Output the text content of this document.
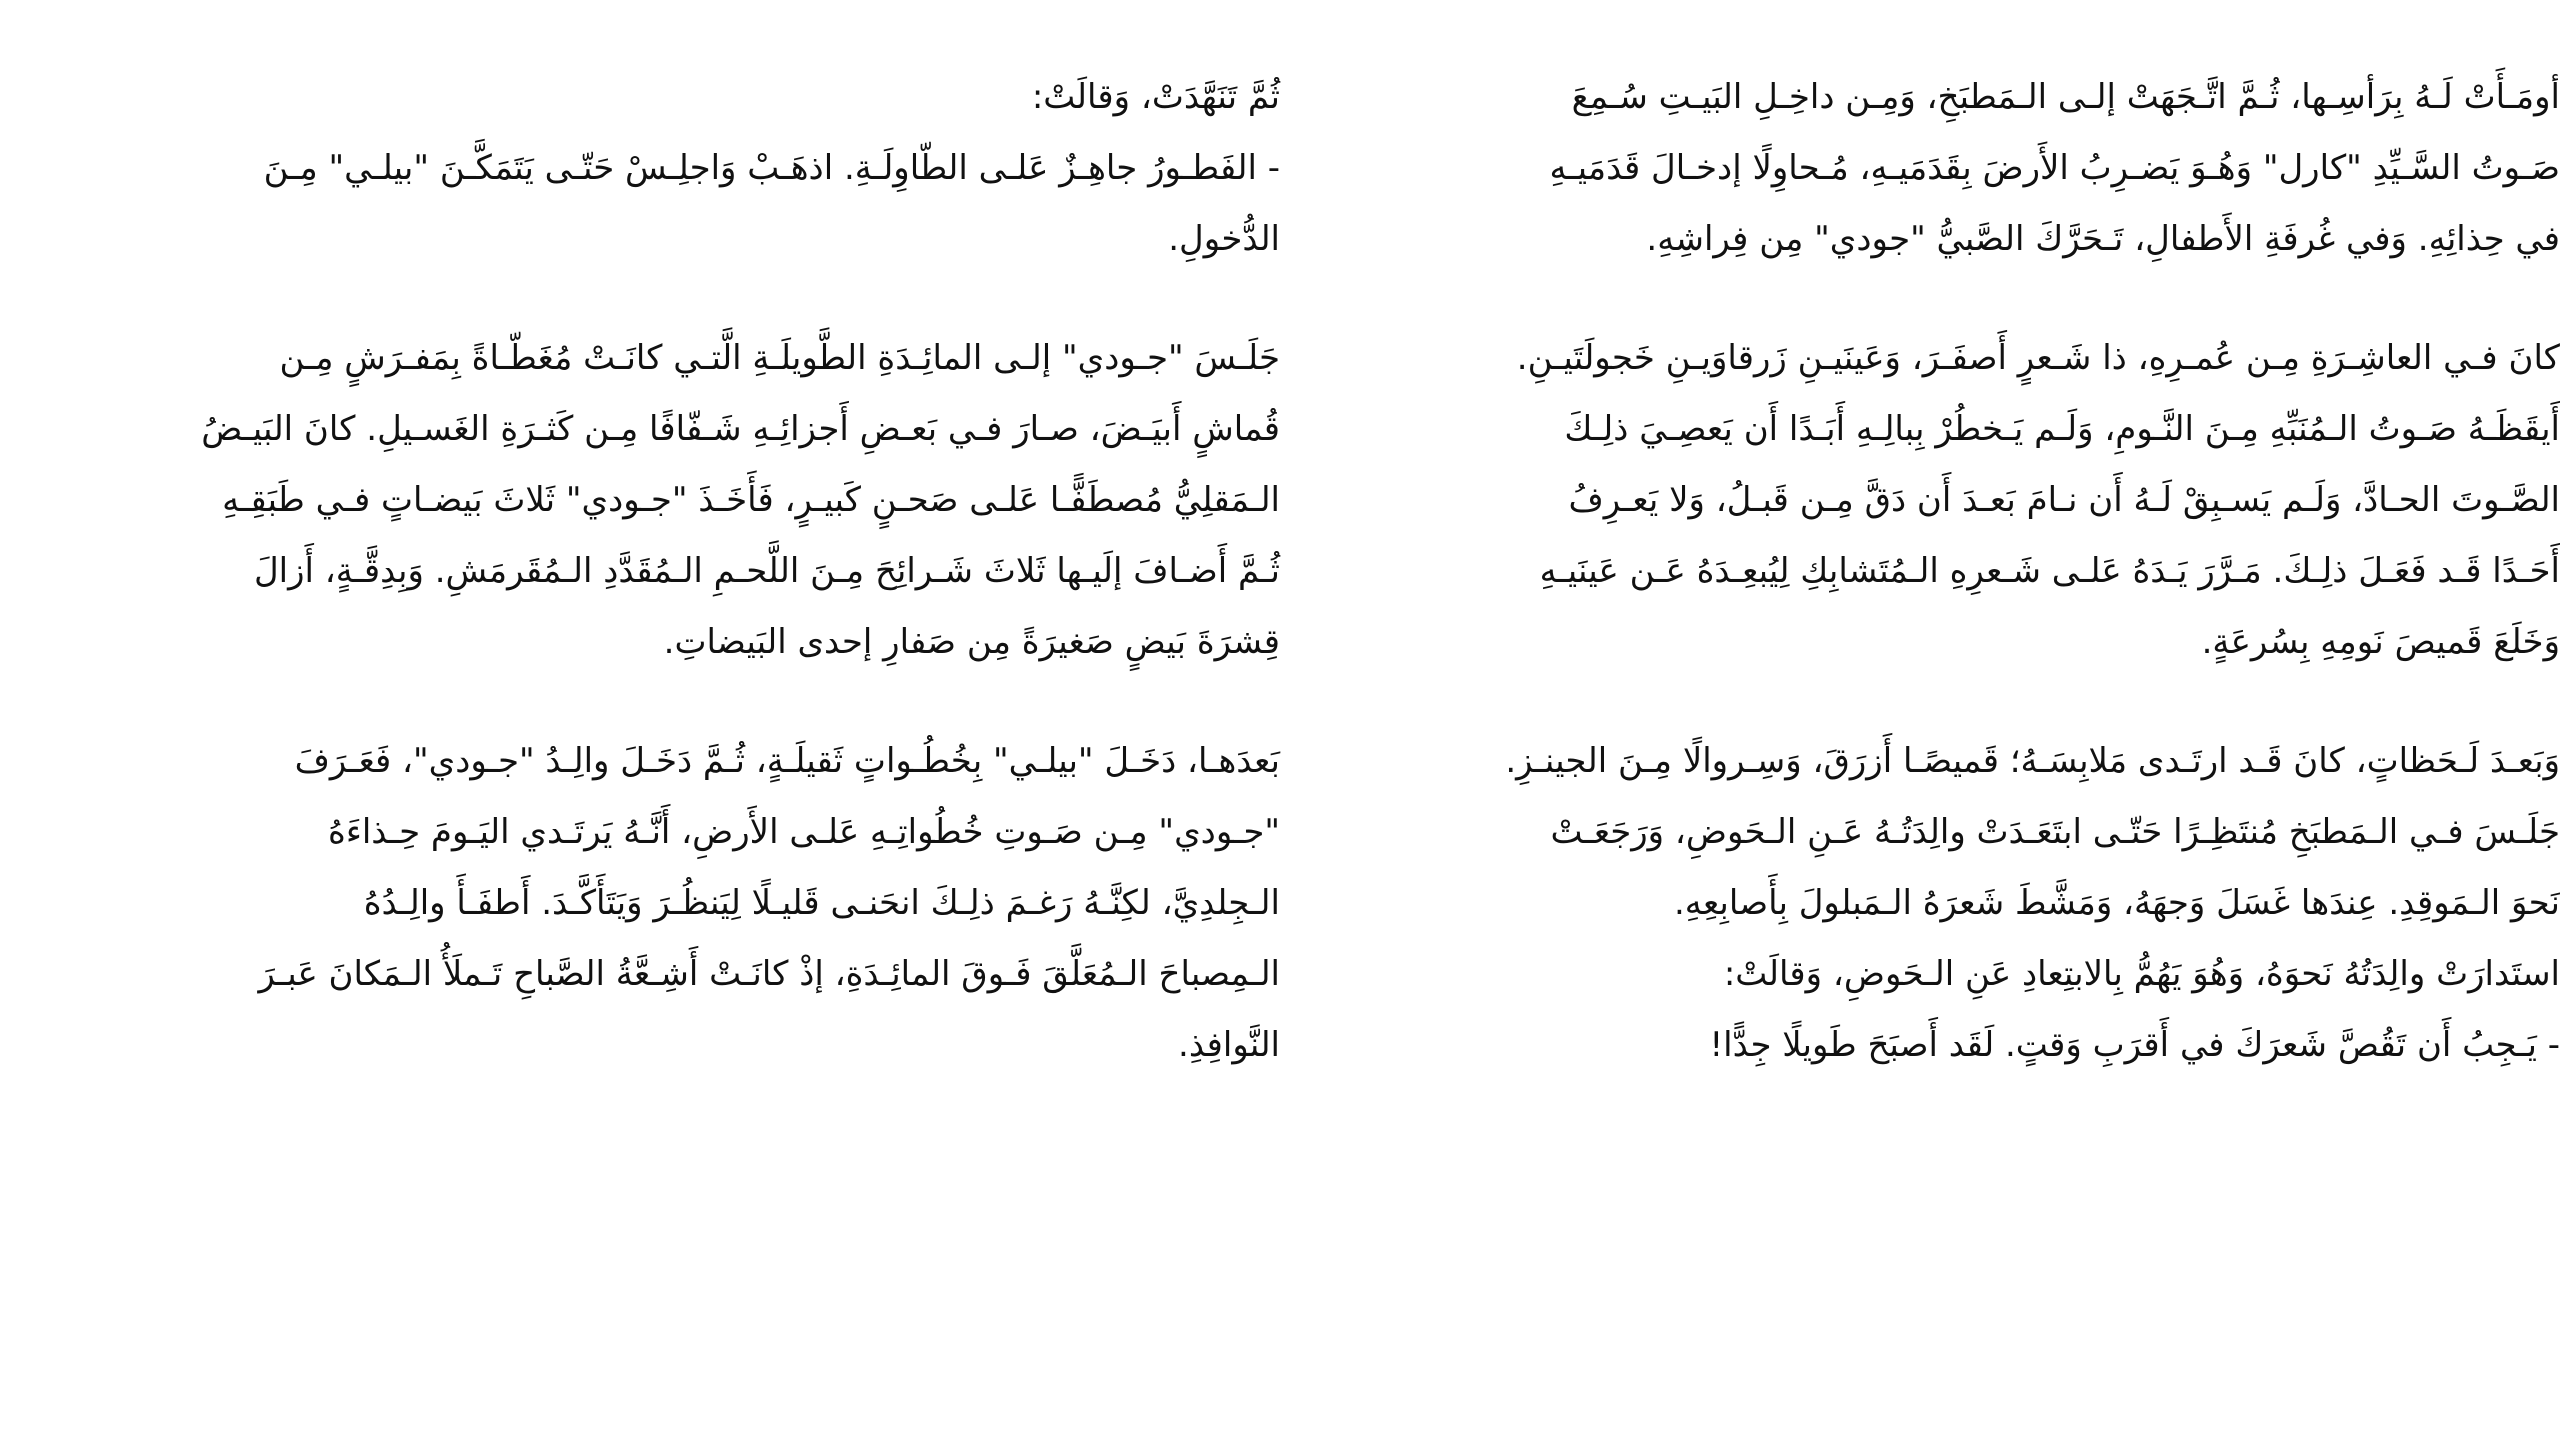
أومَـأَتْ لَـهُ بِرَأسِـها، ثُـمَّ اتَّـجَهَتْ إلـى الـمَطبَخِ، وَمِـن داخِـلِ البَيـتِ سُـمِعَ
صَـوتُ السَّـيِّدِ "كارل" وَهُـوَ يَضـرِبُ الأَرضَ بِقَدَمَيـهِ، مُـحاوِلًا إدخـالَ قَدَمَيـهِ
في حِذائِهِ. وَفي غُرفَةِ الأَطفالِ، تَـحَرَّكَ الصَّبيُّ "جودي" مِن فِراشِهِ.

كانَ فـي العاشِـرَةِ مِـن عُمـرِهِ، ذا شَـعرٍ أَصفَـرَ، وَعَينَيـنِ زَرقاوَيـنِ خَجولَتَيـنِ.
أَيقَظَـهُ صَـوتُ الـمُنَبِّهِ مِـنَ النَّـومِ، وَلَـم يَـخطُرْ بِبالِـهِ أَبَـدًا أَن يَعصِـيَ ذلِـكَ
الصَّـوتَ الحـادَّ، وَلَـم يَسـبِقْ لَـهُ أَن نـامَ بَعـدَ أَن دَقَّ مِـن قَبـلُ، وَلا يَعـرِفُ
أَحَـدًا قَـد فَعَـلَ ذلِـكَ. مَـرَّرَ يَـدَهُ عَلـى شَـعرِهِ الـمُتَشابِكِ لِيُبعِـدَهُ عَـن عَينَيـهِ
وَخَلَعَ قَميصَ نَومِهِ بِسُرعَةٍ.

وَبَعـدَ لَـحَظاتٍ، كانَ قَـد ارتَـدى مَلابِسَـهُ؛ قَميصًـا أَزرَقَ، وَسِـروالًا مِـنَ الجينـزِ.
جَلَـسَ فـي الـمَطبَخِ مُنتَظِـرًا حَتّـى ابتَعَـدَتْ والِدَتُـهُ عَـنِ الـحَوضِ، وَرَجَعَـتْ
نَحوَ الـمَوقِدِ. عِندَها غَسَلَ وَجهَهُ، وَمَشَّطَ شَعرَهُ الـمَبلولَ بِأَصابِعِهِ.
استَدارَتْ والِدَتُهُ نَحوَهُ، وَهُوَ يَهُمُّ بِالابتِعادِ عَنِ الـحَوضِ، وَقالَتْ:
- يَـجِبُ أَن تَقُصَّ شَعرَكَ في أَقرَبِ وَقتٍ. لَقَد أَصبَحَ طَويلًا جِدًّا!

ثُمَّ تَنَهَّدَتْ، وَقالَتْ:
- الفَطـورُ جاهِـزٌ عَلـى الطّاوِلَـةِ. اذهَـبْ وَاجلِـسْ حَتّـى يَتَمَكَّـنَ "بيلـي" مِـنَ
الدُّخولِ.

جَلَـسَ "جـودي" إلـى المائِـدَةِ الطَّويلَـةِ الَّتـي كانَـتْ مُغَطّـاةً بِمَفـرَشٍ مِـن
قُماشٍ أَبيَـضَ، صـارَ فـي بَعـضِ أَجزائِـهِ شَـفّافًا مِـن كَثـرَةِ الغَسـيلِ. كانَ البَيـضُ
الـمَقلِيُّ مُصطَفًّـا عَلـى صَحـنٍ كَبيـرٍ، فَأَخَـذَ "جـودي" ثَلاثَ بَيضـاتٍ فـي طَبَقِـهِ
ثُـمَّ أَضـافَ إلَيـها ثَلاثَ شَـرائِحَ مِـنَ اللَّحـمِ الـمُقَدَّدِ الـمُقَرمَشِ. وَبِدِقَّـةٍ، أَزالَ
قِشرَةَ بَيضٍ صَغيرَةً مِن صَفارِ إحدى البَيضاتِ.

بَعدَهـا، دَخَـلَ "بيلـي" بِخُطُـواتٍ ثَقيلَـةٍ، ثُـمَّ دَخَـلَ والِـدُ "جـودي"، فَعَـرَفَ
"جـودي" مِـن صَـوتِ خُطُواتِـهِ عَلـى الأَرضِ، أَنَّـهُ يَرتَـدي اليَـومَ حِـذاءَهُ
الـجِلدِيَّ، لكِنَّـهُ رَغـمَ ذلِـكَ انحَنـى قَليـلًا لِيَنظُـرَ وَيَتَأَكَّـدَ. أَطفَـأَ والِـدُهُ
الـمِصباحَ الـمُعَلَّقَ فَـوقَ المائِـدَةِ، إذْ كانَـتْ أَشِـعَّةُ الصَّباحِ تَـملَأُ الـمَكانَ عَبـرَ
النَّوافِذِ.
